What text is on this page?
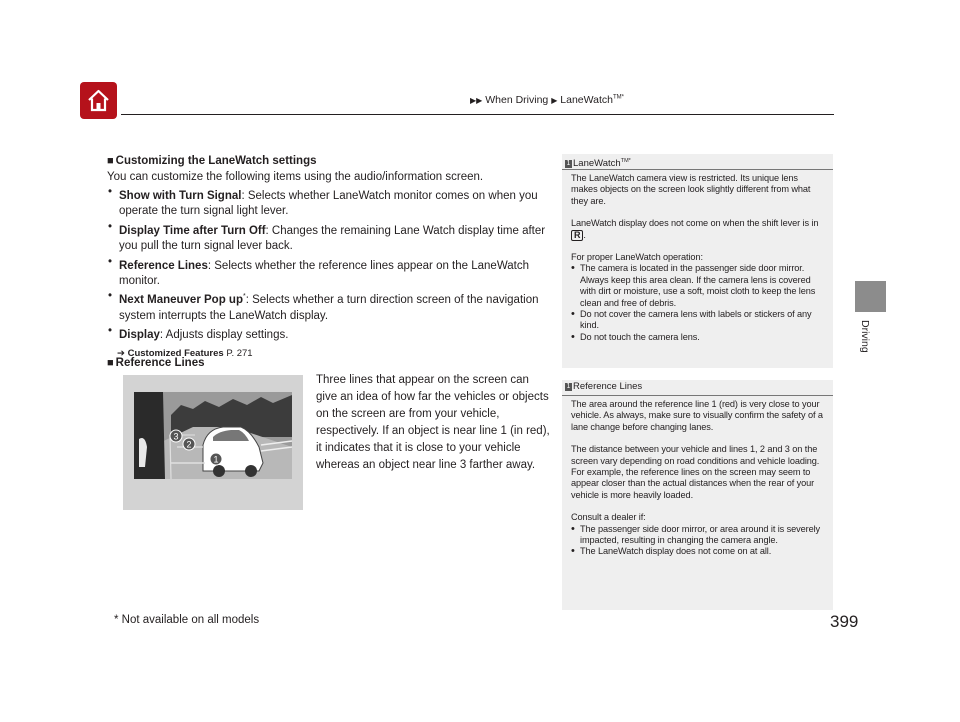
▶▶ When Driving ▶ LaneWatch$^{TM*}$
Driving
■ Customizing the LaneWatch settings
You can customize the following items using the audio/information screen.
• Show with Turn Signal: Selects whether LaneWatch monitor comes on when you operate the turn signal light lever.
• Display Time after Turn Off: Changes the remaining Lane Watch display time after you pull the turn signal lever back.
• Reference Lines: Selects whether the reference lines appear on the LaneWatch monitor.
• Next Maneuver Pop up*: Selects whether a turn direction screen of the navigation system interrupts the LaneWatch display.
• Display: Adjusts display settings.
➔ Customized Features P. 271
■ Reference Lines
3
2
1
Three lines that appear on the screen can give an idea of how far the vehicles or objects on the screen are from your vehicle, respectively. If an object is near line 1 (in red), it indicates that it is close to your vehicle whereas an object near line 3 farther away.
1 LaneWatch$^{TM*}$

The LaneWatch camera view is restricted. Its unique lens makes objects on the screen look slightly different from what they are.

LaneWatch display does not come on when the shift lever is in R .

For proper LaneWatch operation:
• The camera is located in the passenger side door mirror. Always keep this area clean. If the camera lens is covered with dirt or moisture, use a soft, moist cloth to keep the lens clean and free of debris.
• Do not cover the camera lens with labels or stickers of any kind.
• Do not touch the camera lens.
1 Reference Lines

The area around the reference line 1 (red) is very close to your vehicle. As always, make sure to visually confirm the safety of a lane change before changing lanes.

The distance between your vehicle and lines 1, 2 and 3 on the screen vary depending on road conditions and vehicle loading. For example, the reference lines on the screen may seem to appear closer than the actual distances when the rear of your vehicle is more heavily loaded.

Consult a dealer if:
• The passenger side door mirror, or area around it is severely impacted, resulting in changing the camera angle.
• The LaneWatch display does not come on at all.
* Not available on all models	399
